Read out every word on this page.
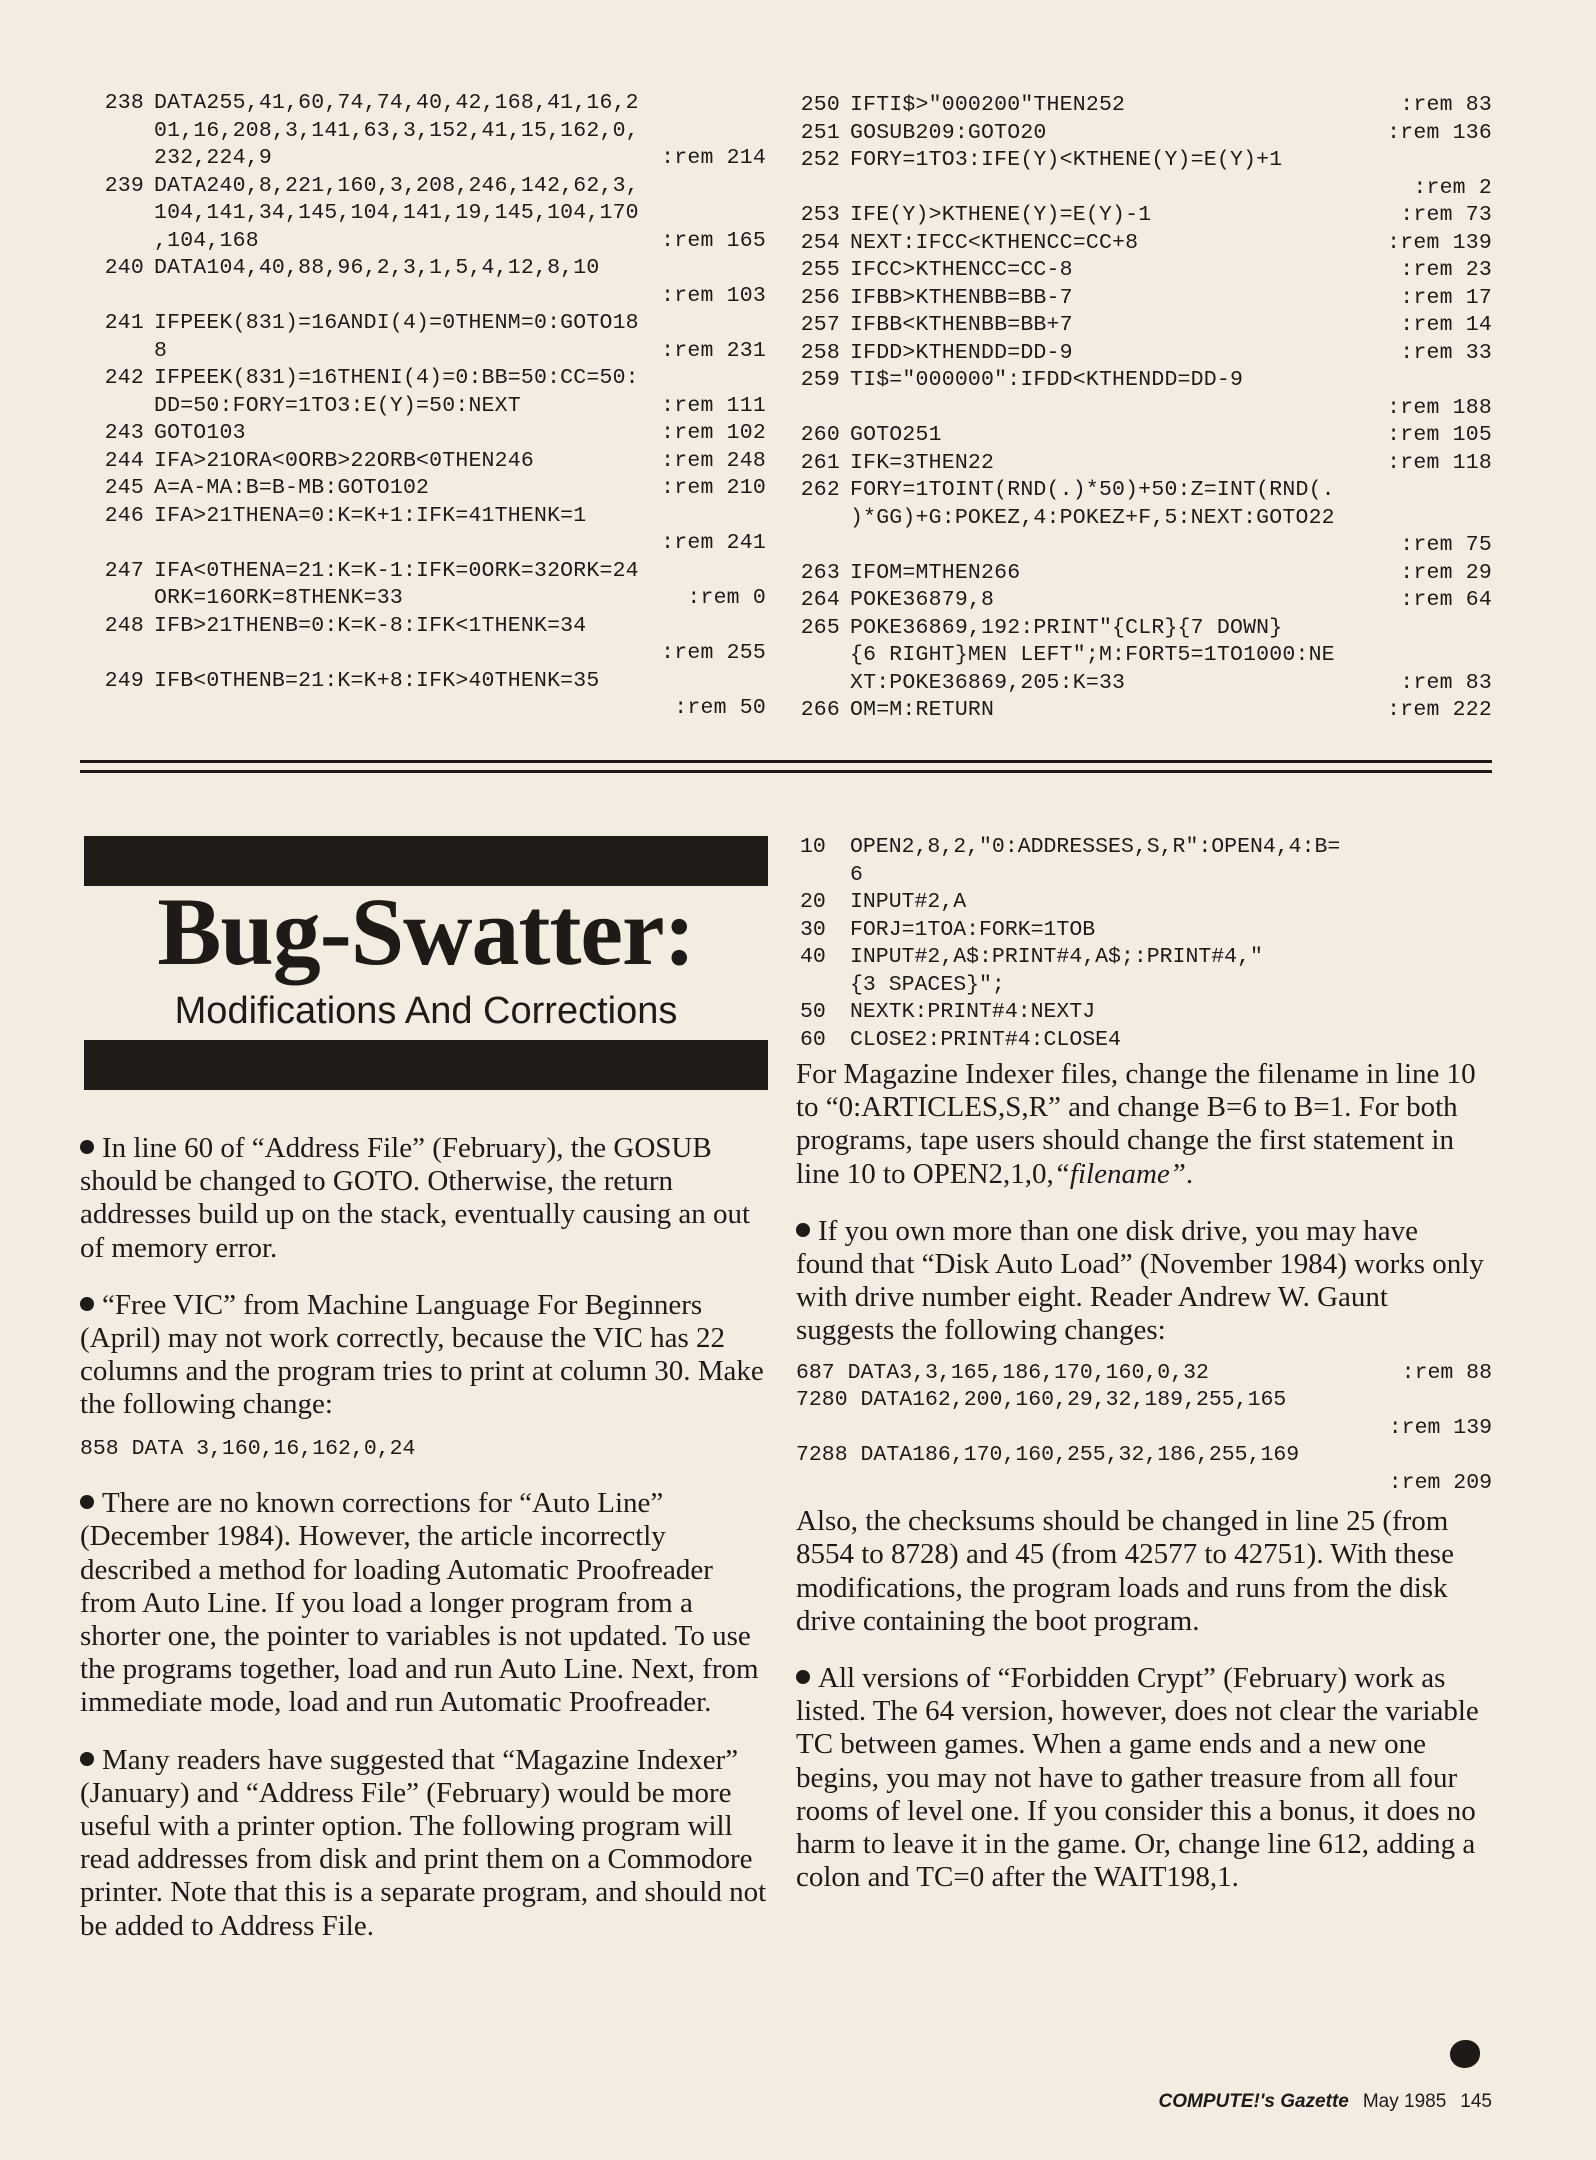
238 DATA255,41,60,74,74,40,42,168,41,16,2
01,16,208,3,141,63,3,152,41,15,162,0,
232,224,9	:rem 214
239 DATA240,8,221,160,3,208,246,142,62,3,
104,141,34,145,104,141,19,145,104,170
,104,168	:rem 165
240 DATA104,40,88,96,2,3,1,5,4,12,8,10
:rem 103
241 IFPEEK(831)=16ANDI(4)=0THENM=0:GOTO18
8	:rem 231
242 IFPEEK(831)=16THENI(4)=0:BB=50:CC=50:
DD=50:FORY=1TO3:E(Y)=50:NEXT	:rem 111
243 GOTO103	:rem 102
244 IFA>21ORA<0ORB>22ORB<0THEN246	:rem 248
245 A=A-MA:B=B-MB:GOTO102	:rem 210
246 IFA>21THENA=0:K=K+1:IFK=41THENK=1
:rem 241
247 IFA<0THENA=21:K=K-1:IFK=0ORK=32ORK=24
ORK=16ORK=8THENK=33	:rem 0
248 IFB>21THENB=0:K=K-8:IFK<1THENK=34
:rem 255
249 IFB<0THENB=21:K=K+8:IFK>40THENK=35
:rem 50
250 IFTI$>"000200"THEN252	:rem 83
251 GOSUB209:GOTO20	:rem 136
252 FORY=1TO3:IFE(Y)<KTHENE(Y)=E(Y)+1
:rem 2
253 IFE(Y)>KTHENE(Y)=E(Y)-1	:rem 73
254 NEXT:IFCC<KTHENCC=CC+8	:rem 139
255 IFCC>KTHENCC=CC-8	:rem 23
256 IFBB>KTHENBB=BB-7	:rem 17
257 IFBB<KTHENBB=BB+7	:rem 14
258 IFDD>KTHENDD=DD-9	:rem 33
259 TI$="000000":IFDD<KTHENDD=DD-9
:rem 188
260 GOTO251	:rem 105
261 IFK=3THEN22	:rem 118
262 FORY=1TOINT(RND(.)*50)+50:Z=INT(RND(.
)*GG)+G:POKEZ,4:POKEZ+F,5:NEXT:GOTO22
:rem 75
263 IFOM=MTHEN266	:rem 29
264 POKE36879,8	:rem 64
265 POKE36869,192:PRINT"{CLR}{7 DOWN}
{6 RIGHT}MEN LEFT";M:FORT5=1TO1000:NE
XT:POKE36869,205:K=33	:rem 83
266 OM=M:RETURN	:rem 222
Bug-Swatter:
Modifications And Corrections

In line 60 of “Address File” (February), the GOSUB should be changed to GOTO. Otherwise, the return addresses build up on the stack, eventually causing an out of memory error.

“Free VIC” from Machine Language For Beginners (April) may not work correctly, because the VIC has 22 columns and the program tries to print at column 30. Make the following change:

858 DATA 3,160,16,162,0,24

There are no known corrections for “Auto Line” (December 1984). However, the article incorrectly described a method for loading Automatic Proofreader from Auto Line. If you load a longer program from a shorter one, the pointer to variables is not updated. To use the programs together, load and run Auto Line. Next, from immediate mode, load and run Automatic Proofreader.

Many readers have suggested that “Magazine Indexer” (January) and “Address File” (February) would be more useful with a printer option. The following program will read addresses from disk and print them on a Commodore printer. Note that this is a separate program, and should not be added to Address File.

10	OPEN2,8,2,"0:ADDRESSES,S,R":OPEN4,4:B=
6
20	INPUT#2,A
30	FORJ=1TOA:FORK=1TOB
40	INPUT#2,A$:PRINT#4,A$;:PRINT#4,"
{3 SPACES}";
50	NEXTK:PRINT#4:NEXTJ
60	CLOSE2:PRINT#4:CLOSE4

For Magazine Indexer files, change the filename in line 10 to “0:ARTICLES,S,R” and change B=6 to B=1. For both programs, tape users should change the first statement in line 10 to OPEN2,1,0,“filename”.

If you own more than one disk drive, you may have found that “Disk Auto Load” (November 1984) works only with drive number eight. Reader Andrew W. Gaunt suggests the following changes:

687 DATA3,3,165,186,170,160,0,32	:rem 88
7280 DATA162,200,160,29,32,189,255,165
:rem 139
7288 DATA186,170,160,255,32,186,255,169
:rem 209

Also, the checksums should be changed in line 25 (from 8554 to 8728) and 45 (from 42577 to 42751). With these modifications, the program loads and runs from the disk drive containing the boot program.

All versions of “Forbidden Crypt” (February) work as listed. The 64 version, however, does not clear the variable TC between games. When a game ends and a new one begins, you may not have to gather treasure from all four rooms of level one. If you consider this a bonus, it does no harm to leave it in the game. Or, change line 612, adding a colon and TC=0 after the WAIT198,1.

COMPUTE!'s Gazette May 1985 145
